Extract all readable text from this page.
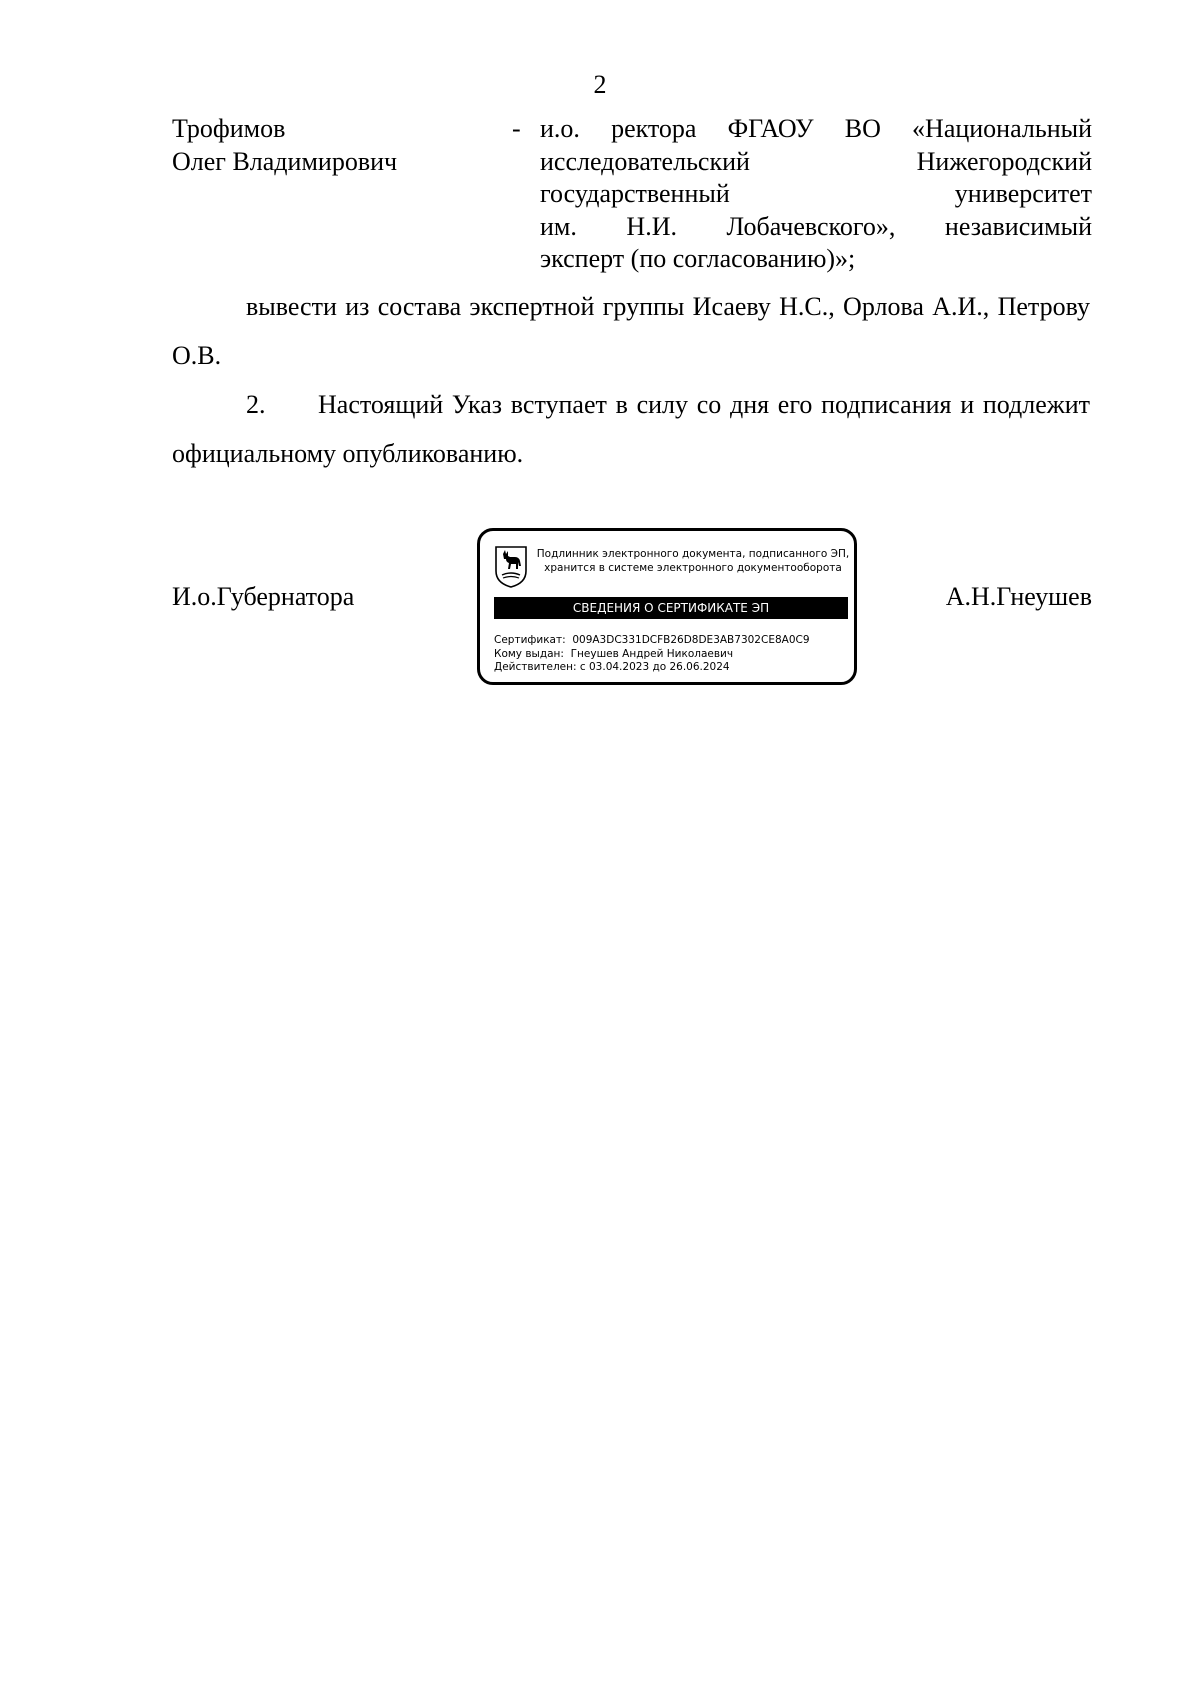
2
Трофимов
Олег Владимирович
- и.о. ректора ФГАОУ ВО «Национальный
исследовательский Нижегородский
государственный университет
им. Н.И. Лобачевского», независимый
эксперт (по согласованию)»;
вывести из состава экспертной группы Исаеву Н.С., Орлова А.И., Петрову О.В.
2. Настоящий Указ вступает в силу со дня его подписания и подлежит официальному опубликованию.
И.о.Губернатора
Подлинник электронного документа, подписанного ЭП,
хранится в системе электронного документооборота
СВЕДЕНИЯ О СЕРТИФИКАТЕ ЭП
Сертификат: 009A3DC331DCFB26D8DE3AB7302CE8A0C9
Кому выдан: Гнеушев Андрей Николаевич
Действителен: с 03.04.2023 до 26.06.2024
А.Н.Гнеушев
